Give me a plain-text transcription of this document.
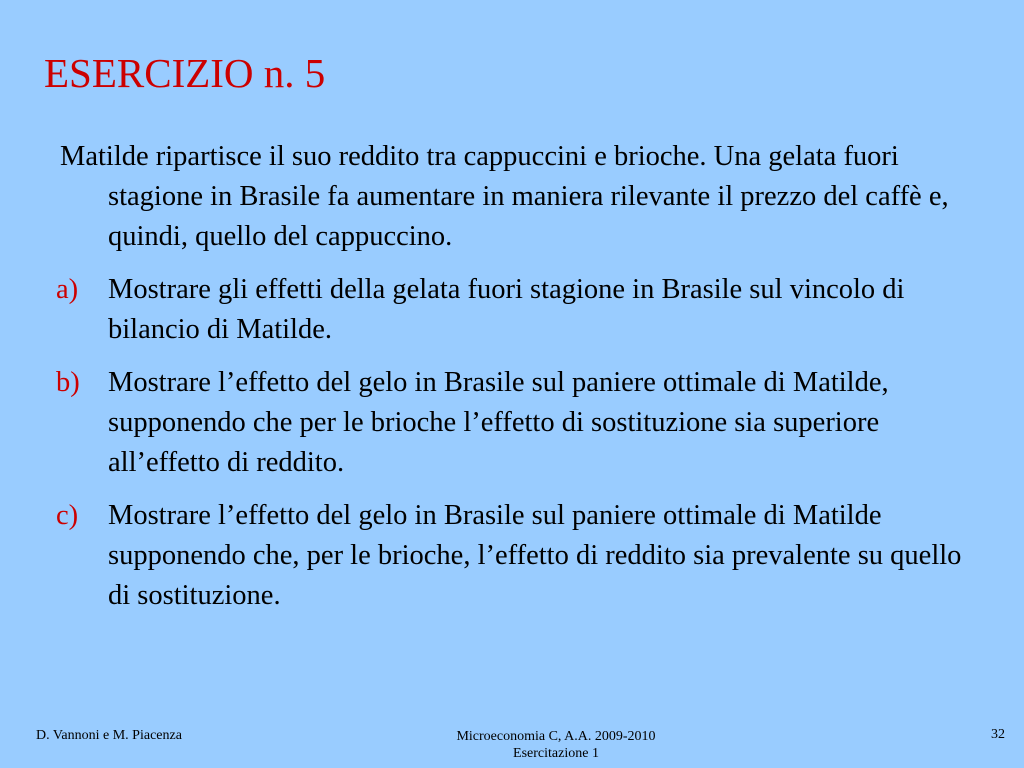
ESERCIZIO n. 5

Matilde ripartisce il suo reddito tra cappuccini e brioche. Una gelata fuori stagione in Brasile fa aumentare in maniera rilevante il prezzo del caffè e, quindi, quello del cappuccino.

a) Mostrare gli effetti della gelata fuori stagione in Brasile sul vincolo di bilancio di Matilde.
b) Mostrare l’effetto del gelo in Brasile sul paniere ottimale di Matilde, supponendo che per le brioche l’effetto di sostituzione sia superiore all’effetto di reddito.
c) Mostrare l’effetto del gelo in Brasile sul paniere ottimale di Matilde supponendo che, per le brioche, l’effetto di reddito sia prevalente su quello di sostituzione.
D. Vannoni e M. Piacenza	Microeconomia C, A.A. 2009-2010
Esercitazione 1
32
